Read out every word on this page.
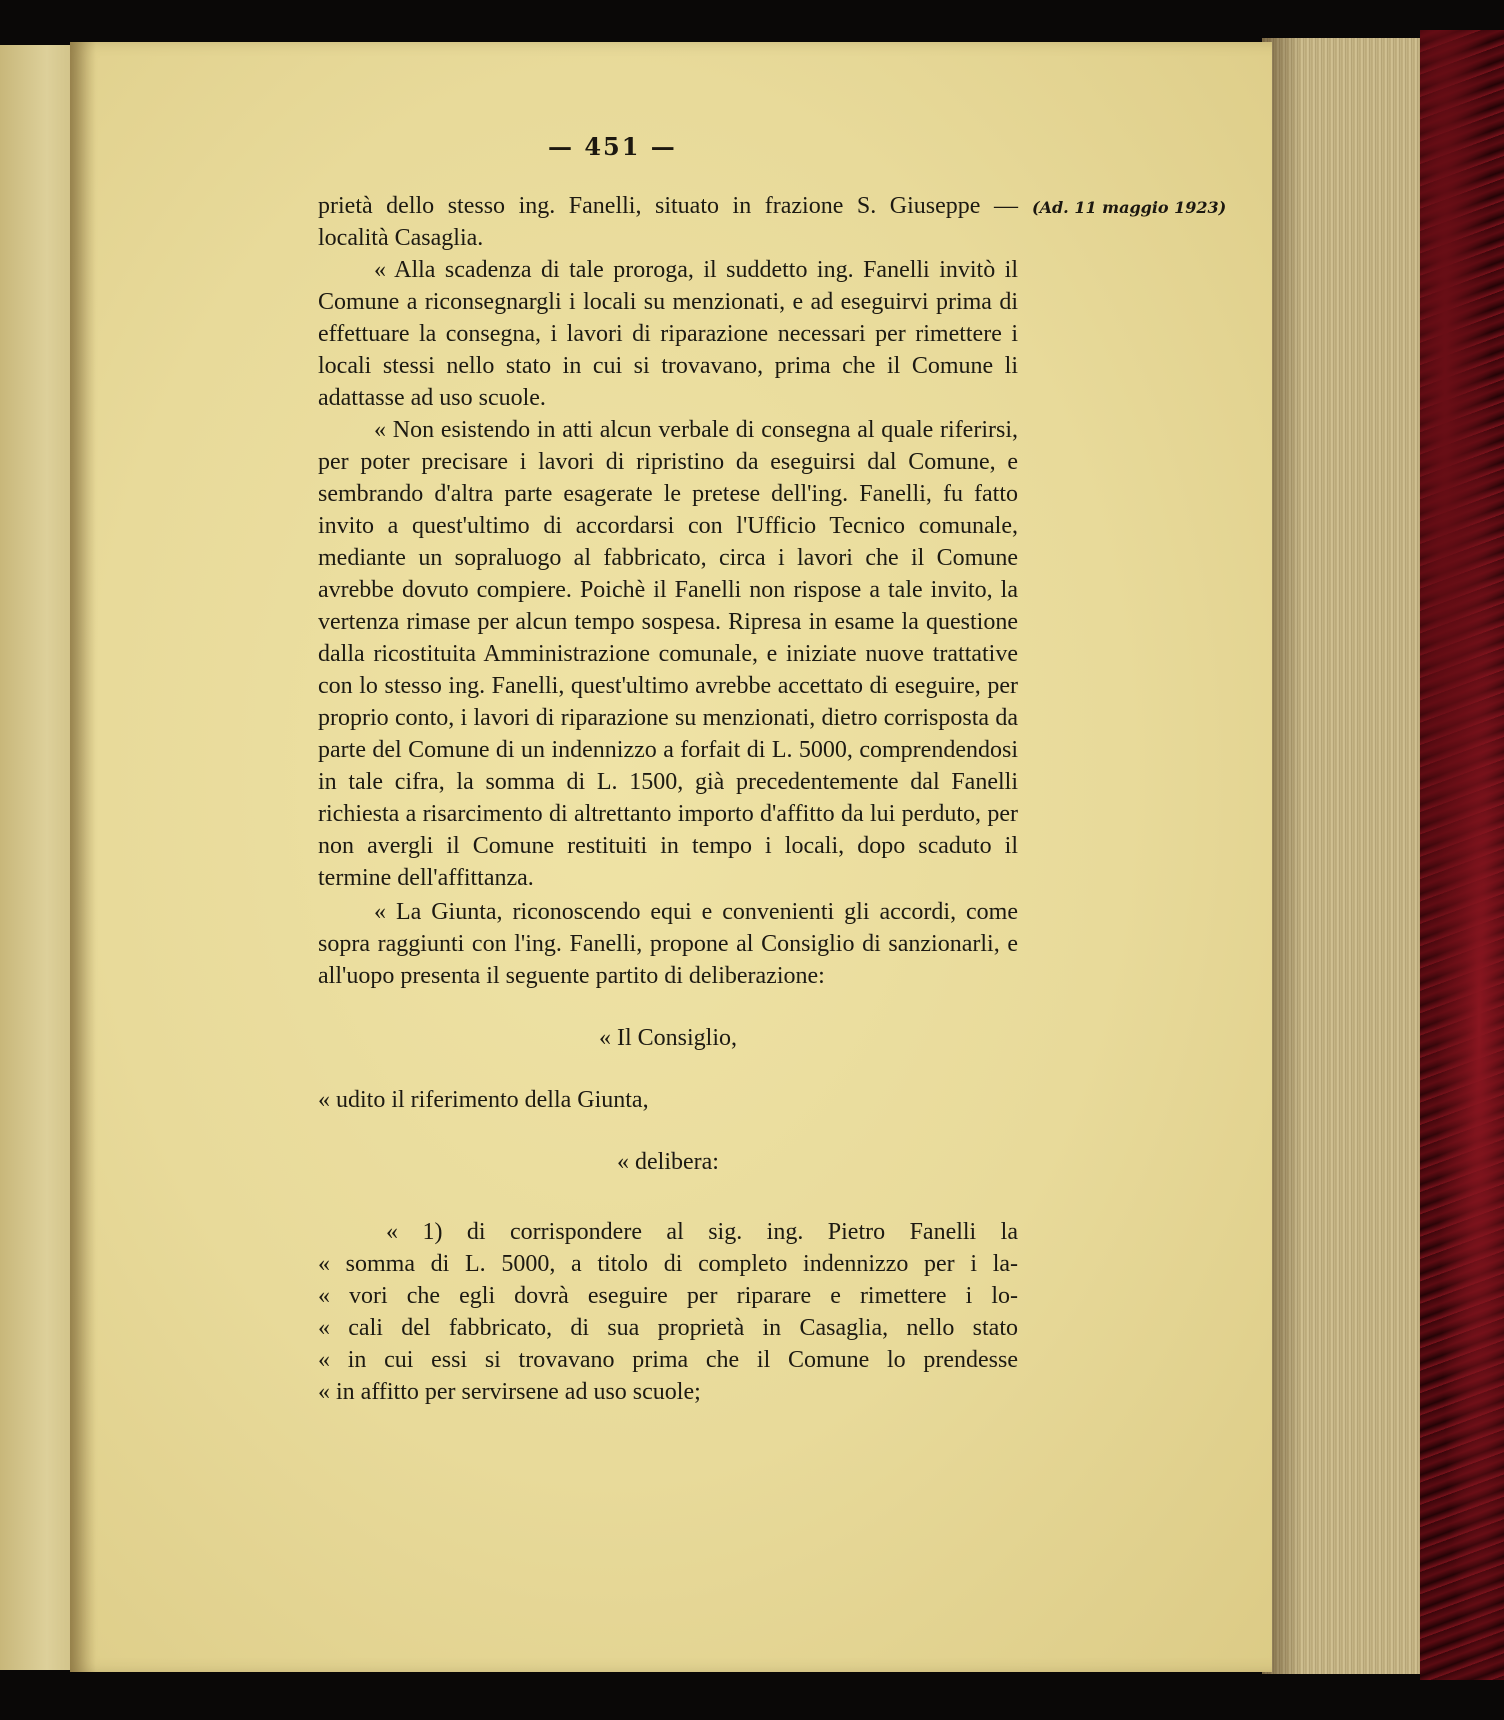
— 451 —
(Ad. 11 maggio 1923)

prietà dello stesso ing. Fanelli, situato in frazione S. Giuseppe — località Casaglia.

« Alla scadenza di tale proroga, il suddetto ing. Fanelli invitò il Comune a riconsegnargli i locali su menzionati, e ad eseguirvi prima di effettuare la consegna, i lavori di riparazione necessari per rimettere i locali stessi nello stato in cui si trovavano, prima che il Comune li adattasse ad uso scuole.

« Non esistendo in atti alcun verbale di consegna al quale riferirsi, per poter precisare i lavori di ripristino da eseguirsi dal Comune, e sembrando d'altra parte esagerate le pretese dell'ing. Fanelli, fu fatto invito a quest'ultimo di accordarsi con l'Ufficio Tecnico comunale, mediante un sopraluogo al fabbricato, circa i lavori che il Comune avrebbe dovuto compiere. Poichè il Fanelli non rispose a tale invito, la vertenza rimase per alcun tempo sospesa. Ripresa in esame la questione dalla ricostituita Amministrazione comunale, e iniziate nuove trattative con lo stesso ing. Fanelli, quest'ultimo avrebbe accettato di eseguire, per proprio conto, i lavori di riparazione su menzionati, dietro corrisposta da parte del Comune di un indennizzo a forfait di L. 5000, comprendendosi in tale cifra, la somma di L. 1500, già precedentemente dal Fanelli richiesta a risarcimento di altrettanto importo d'affitto da lui perduto, per non avergli il Comune restituiti in tempo i locali, dopo scaduto il termine dell'affittanza.

« La Giunta, riconoscendo equi e convenienti gli accordi, come sopra raggiunti con l'ing. Fanelli, propone al Consiglio di sanzionarli, e all'uopo presenta il seguente partito di deliberazione:

« Il Consiglio,

« udito il riferimento della Giunta,

« delibera:

« 1) di corrispondere al sig. ing. Pietro Fanelli la
« somma di L. 5000, a titolo di completo indennizzo per i la-
« vori che egli dovrà eseguire per riparare e rimettere i lo-
« cali del fabbricato, di sua proprietà in Casaglia, nello stato
« in cui essi si trovavano prima che il Comune lo prendesse
« in affitto per servirsene ad uso scuole;
